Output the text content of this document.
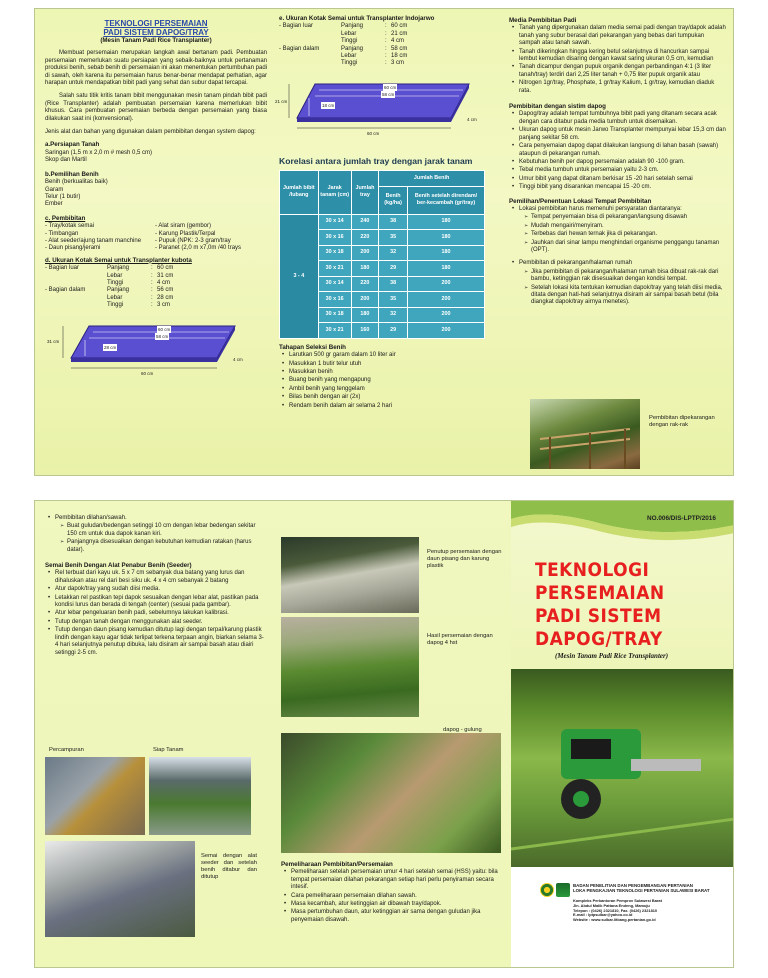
TEKNOLOGI PERSEMAIAN
PADI SISTEM DAPOG/TRAY
(Mesin Tanam Padi Rice Transplanter)

Membuat persemaian merupakan langkah awal bertanam padi. Pembuatan persemaian memerlukan suatu persiapan yang sebaik-baiknya untuk pertanaman produksi benih, sebab benih di persemaian ini akan menentukan pertumbuhan padi di sawah, oleh karena itu persemaian harus benar-benar mendapat perhatian, agar harapan untuk mendapatkan bibit padi yang sehat dan subur dapat tercapai.

Salah satu titik kritis tanam bibit menggunakan mesin tanam pindah bibit padi (Rice Transplanter) adalah pembuatan persemaian karena memerlukan bibit khusus. Cara pembuatan persemaian berbeda dengan persemaian yang biasa dilakukan saat ini (konvensional).

Jenis alat dan bahan yang digunakan dalam pembibitan dengan system dapog:

a.Persiapan Tanah
Saringan (1,5 m x 2,0 m # mesh 0,5 cm)
Skop dan Martil
b.Pemilihan Benih
Benih (berkualitas baik)
Garam
Telur (1 butir)
Ember
c. Pembibitan
- Tray/kotak semai	- Alat siram (gembor)
- Timbangan	- Karung Plastik/Terpal
- Alat seeder/ajung tanam manchine	- Pupuk (NPK: 2-3 gram/tray
- Daun pisang/jerami	- Paranet (2,0 m x7,0m /40 trays
d. Ukuran Kotak Semai untuk Transplanter kubota
- Bagian luar	Panjang	: 60 cm
Lebar	: 31 cm
Tinggi	: 4 cm
- Bagian dalam	Panjang	: 56 cm
Lebar	: 28 cm
Tinggi	: 3 cm
60 cm
58 cm
28 cm
31 cm
4 cm
60 cm
e. Ukuran Kotak Semai untuk Transplanter Indojarwo
- Bagian luar	Panjang	: 60 cm
Lebar	: 21 cm
Tinggi	: 4 cm
- Bagian dalam	Panjang	: 58 cm
Lebar	: 18 cm
Tinggi	: 3 cm
60 cm
58 cm
18 cm
21 cm
4 cm
60 cm
Korelasi antara jumlah tray dengan jarak tanam
Jumlah bibit /lubang	Jarak tanam (cm)	Jumlah tray	Jumlah Benih	
			Benih (kg/ha)	Benih setelah direndam/ ber-kecambah (gr/tray)
3 - 4	30 x 14	240	38	180
	30 x 16	220	35	180
	30 x 18	200	32	180
	30 x 21	180	29	180
	30 x 14	220	38	200
	30 x 16	200	35	200
	30 x 18	180	32	200
	30 x 21	160	29	200
Tahapan Seleksi Benih
• Larutkan 500 gr garam dalam 10 liter air
• Masukkan 1 butir telur utuh
• Masukkan benih
• Buang benih yang mengapung
• Ambil benih yang tenggelam
• Bilas benih dengan air (2x)
• Rendam benih dalam air selama 2 hari
Media Pembibitan Padi
• Tanah yang dipergunakan dalam media semai padi dengan tray/dapok adalah tanah yang subur berasal dari pekarangan yang bebas dari tumpukan sampah atau tanah sawah.
• Tanah dikeringkan hingga kering betul selanjutnya di hancurkan sampai lembut kemudian disaring dengan kawat saring ukuran 0,5 cm, kemudian
• Tanah dicampur dengan pupuk organik dengan perbandingan 4:1 (3 liter tanah/tray) terdiri dari 2,25 liter tanah + 0,75 liter pupuk organik atau
• Nitrogen 1gr/tray, Phosphate, 1 gr/tray Kalium, 1 gr/tray, kemudian diaduk rata.
Pembibitan dengan sistim dapog
• Dapog/tray adalah tempat tumbuhnya bibit padi yang ditanam secara acak dengan cara ditabur pada media tumbuh untuk disemaikan.
• Ukuran dapog untuk mesin Jarwo Transplanter mempunyai lebar 15,3 cm dan panjang sekitar 58 cm.
• Cara penyemaian dapog dapat dilakukan langsung di lahan basah (sawah) ataupun di pekarangan rumah.
• Kebutuhan benih per dapog persemaian adalah 90 -100 gram.
• Tebal media tumbuh untuk persemaian yaitu 2-3 cm.
• Umur bibit yang dapat ditanam berkisar 15 -20 hari setelah semai
• Tinggi bibit yang disarankan mencapai 15 -20 cm.
Pemilihan/Penentuan Lokasi Tempat Pembibitan
• Lokasi pembibitan harus memenuhi persyaratan diantaranya:
➢ Tempat penyemaian bisa di pekarangan/langsung disawah
➢ Mudah mengairi/menyiram.
➢ Terbebas dari hewan ternak jika di pekarangan.
➢ Jauhkan dari sinar lampu menghindari organisme penggangu tanaman (OPT).
• Pembibitan di pekarangan/halaman rumah
➢ Jika pembibitan di pekarangan/halaman rumah bisa dibuat rak-rak dari bambu, ketinggian rak disesuaikan dengan kondisi tempat.
➢ Setelah lokasi kita tentukan kemudian dapok/tray yang telah diisi media, ditata dengan hati-hati selanjutnya disiram air sampai basah betul (bila diangkat dapok/tray airnya menetes).
Pembibitan dipekarangan dengan rak-rak
• Pembibitan dilahan/sawah.
➢ Buat guludan/bedengan setinggi 10 cm dengan lebar bedengan sekitar 150 cm untuk dua dapok kanan kiri.
➢ Panjangnya disesuaikan dengan kebutuhan kemudian ratakan (harus datar).
Semai Benih Dengan Alat Penabur Benih (Seeder)
• Rel terbuat dari kayu uk. 5 x 7 cm sebanyak dua batang yang lurus dan dihaluskan atau rel dari besi siku uk. 4 x 4 cm sebanyak 2 batang
• Atur dapok/tray yang sudah diisi media.
• Letakkan rel pastikan tepi dapok sesuaikan dengan lebar alat, pastikan pada kondisi lurus dan berada di tengah (center) (sesuai pada gambar).
• Atur lebar pengeluaran benih padi, sebelumnya lakukan kalibrasi.
• Tutup dengan tanah dengan menggunakan alat seeder.
• Tutup dengan daun pisang kemudian ditutup lagi dengan terpal/karung plastik lindih dengan kayu agar tidak terlipat terkena terpaan angin, biarkan selama 3-4 hari selanjutnya penutup dibuka, lalu disiram air sampai basah atau diairi setinggi 2-5 cm.
Percampuran	Siap Tanam
Semai dengan alat seeder dan setelah benih ditabur dan ditutup
Penutup persemaian dengan daun pisang dan karung plastik
Hasil persemaian dengan dapog 4 hst
dapog - gulung
Pemeliharaan Pembibitan/Persemaian
• Pemeliharaan setelah persemaian umur 4 hari setelah semai (HSS) yaitu: bila tempat persemaian dilahan pekarangan setiap hari perlu penyiraman secara intesif.
• Cara pemeliharaan persemaian dilahan sawah.
• Masa kecambah, atur ketinggian air dibawah tray/dapok.
• Masa pertumbuhan daun, atur ketinggian air sama dengan guludan jika penyemaian disawah.
NO.006/DIS-LPTP/2016
TEKNOLOGI
PERSEMAIAN
PADI SISTEM
DAPOG/TRAY
(Mesin Tanam Padi Rice Transplanter)
BADAN PENELITIAN DAN PENGEMBANGAN PERTANIAN
LOKA PENGKAJIAN TEKNOLOGI PERTANIAN SULAWESI BARAT
Kompleks Perkantoran Pemprov Sulawesi Barat
Jln. Abdul Malik Pattana Endeng, Mamuju
Telepon : (0426) 2321810, Fax. (0426) 2321810
E-mail : lptpsulbar@yahoo.co.id
Website : www.sulbar.litbang.pertanian.go.id
